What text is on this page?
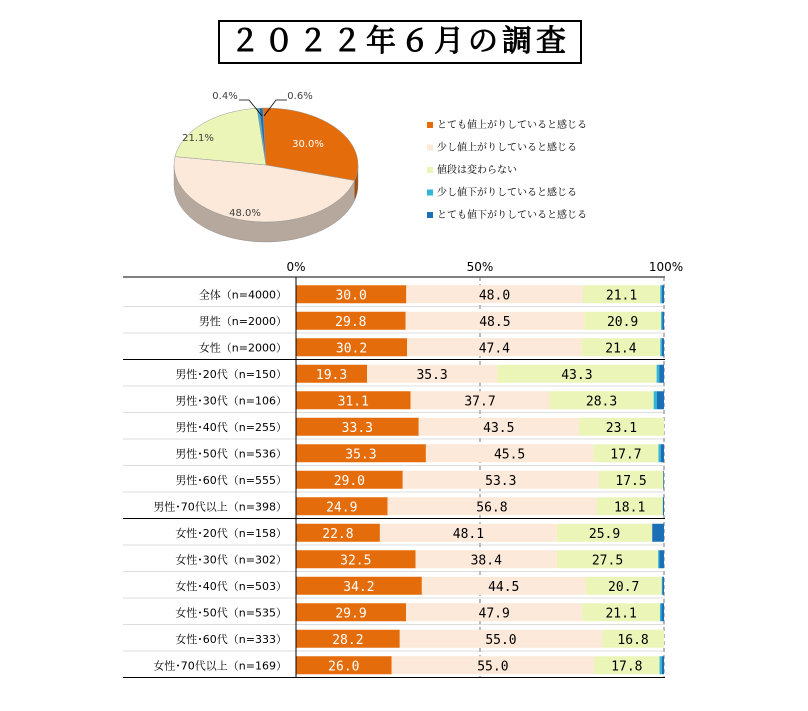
２０２２年６月の調査
30.0%
48.0%
21.1%
0.4%	0.6%
とても値上がりしていると感じる
少し値上がりしていると感じる
値段は変わらない
少し値下がりしていると感じる
とても値下がりしていると感じる
0%	50%	100%
全体（n=4000）	30.0	48.0	21.1
男性（n=2000）	29.8	48.5	20.9
女性（n=2000）	30.2	47.4	21.4
男性･20代（n=150） 19.3	35.3	43.3
男性･30代（n=106）	31.1	37.7	28.3
男性･40代（n=255）	33.3	43.5	23.1
男性･50代（n=536）	35.3	45.5	17.7
男性･60代（n=555）	29.0	53.3	17.5
男性･70代以上（n=398）	24.9	56.8	18.1
女性･20代（n=158）	22.8	48.1	25.9
女性･30代（n=302）	32.5	38.4	27.5
女性･40代（n=503）	34.2	44.5	20.7
女性･50代（n=535）	29.9	47.9	21.1
女性･60代（n=333）	28.2	55.0	16.8
女性･70代以上（n=169）	26.0	55.0	17.8
